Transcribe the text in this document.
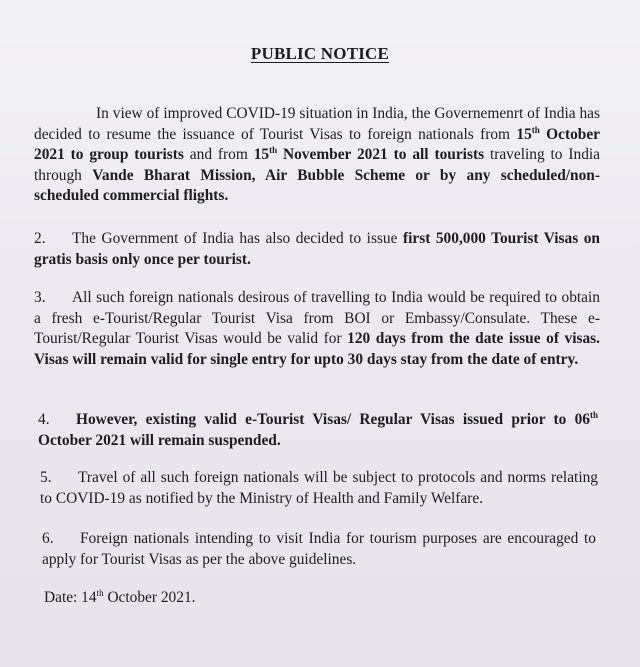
PUBLIC NOTICE
In view of improved COVID-19 situation in India, the Governemenrt of India has decided to resume the issuance of Tourist Visas to foreign nationals from 15th October 2021 to group tourists and from 15th November 2021 to all tourists traveling to India through Vande Bharat Mission, Air Bubble Scheme or by any scheduled/non-scheduled commercial flights.
2. The Government of India has also decided to issue first 500,000 Tourist Visas on gratis basis only once per tourist.
3. All such foreign nationals desirous of travelling to India would be required to obtain a fresh e-Tourist/Regular Tourist Visa from BOI or Embassy/Consulate. These e-Tourist/Regular Tourist Visas would be valid for 120 days from the date issue of visas. Visas will remain valid for single entry for upto 30 days stay from the date of entry.
4. However, existing valid e-Tourist Visas/ Regular Visas issued prior to 06th October 2021 will remain suspended.
5. Travel of all such foreign nationals will be subject to protocols and norms relating to COVID-19 as notified by the Ministry of Health and Family Welfare.
6. Foreign nationals intending to visit India for tourism purposes are encouraged to apply for Tourist Visas as per the above guidelines.
Date: 14th October 2021.
